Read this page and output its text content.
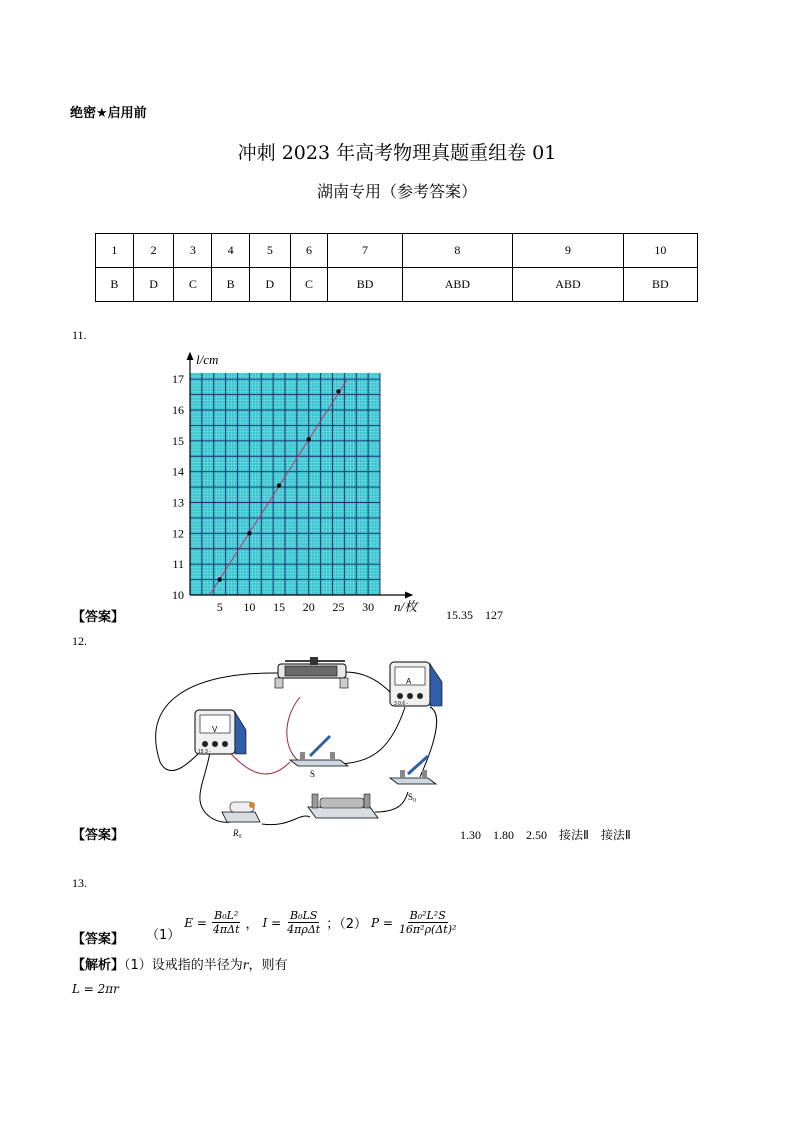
绝密★启用前
冲刺 2023 年高考物理真题重组卷 01
湖南专用（参考答案）
1	2	3	4	5	6	7	8	9	10
B	D	C	B	D	C	BD	ABD	ABD	BD
11.
【答案】
10
11
12
13
14
15
16
17
5 10 15 20 25 30
l/cm
n/枚
15.35    127
12.
A
3 0.6 -
V
15 3 -
S
S₀
R₀
【答案】	1.30    1.80    2.50    接法Ⅱ    接法Ⅱ
13.
【答案】 （1）
$E = \frac{\text{B₀L²}}{\text{4πΔt}}$ ， $I = \frac{\text{B₀LS}}{\text{4πρΔt}}$ ；（2） $P = \frac{\text{B₀²L²S}}{\text{16π²ρ(Δt)²}}$
【解析】（1）设戒指的半径为r，则有
L = 2πr
